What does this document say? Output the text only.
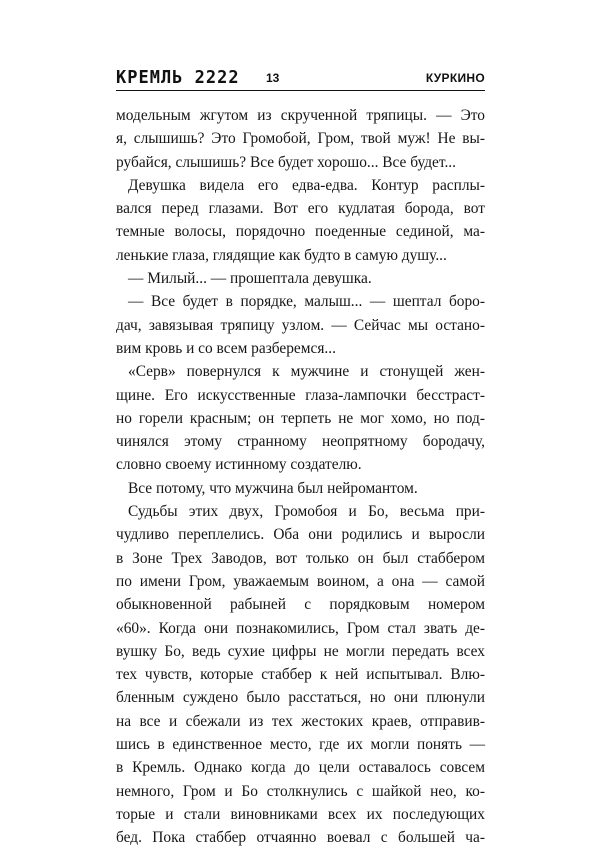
КРЕМЛЬ 2222 13	КУРКИНО
модельным жгутом из скрученной тряпицы. — Это
я, слышишь? Это Громобой, Гром, твой муж! Не вы-
рубайся, слышишь? Все будет хорошо... Все будет...
Девушка видела его едва-едва. Контур расплы-
вался перед глазами. Вот его кудлатая борода, вот
темные волосы, порядочно поеденные сединой, ма-
ленькие глаза, глядящие как будто в самую душу...
— Милый... — прошептала девушка.
— Все будет в порядке, малыш... — шептал боро-
дач, завязывая тряпицу узлом. — Сейчас мы остано-
вим кровь и со всем разберемся...
«Серв» повернулся к мужчине и стонущей жен-
щине. Его искусственные глаза-лампочки бесстраст-
но горели красным; он терпеть не мог хомо, но под-
чинялся этому странному неопрятному бородачу,
словно своему истинному создателю.
Все потому, что мужчина был нейромантом.
Судьбы этих двух, Громобоя и Бо, весьма при-
чудливо переплелись. Оба они родились и выросли
в Зоне Трех Заводов, вот только он был стаббером
по имени Гром, уважаемым воином, а она — самой
обыкновенной рабыней с порядковым номером
«60». Когда они познакомились, Гром стал звать де-
вушку Бо, ведь сухие цифры не могли передать всех
тех чувств, которые стаббер к ней испытывал. Влю-
бленным суждено было расстаться, но они плюнули
на все и сбежали из тех жестоких краев, отправив-
шись в единственное место, где их могли понять —
в Кремль. Однако когда до цели оставалось совсем
немного, Гром и Бо столкнулись с шайкой нео, ко-
торые и стали виновниками всех их последующих
бед. Пока стаббер отчаянно воевал с большей ча-
